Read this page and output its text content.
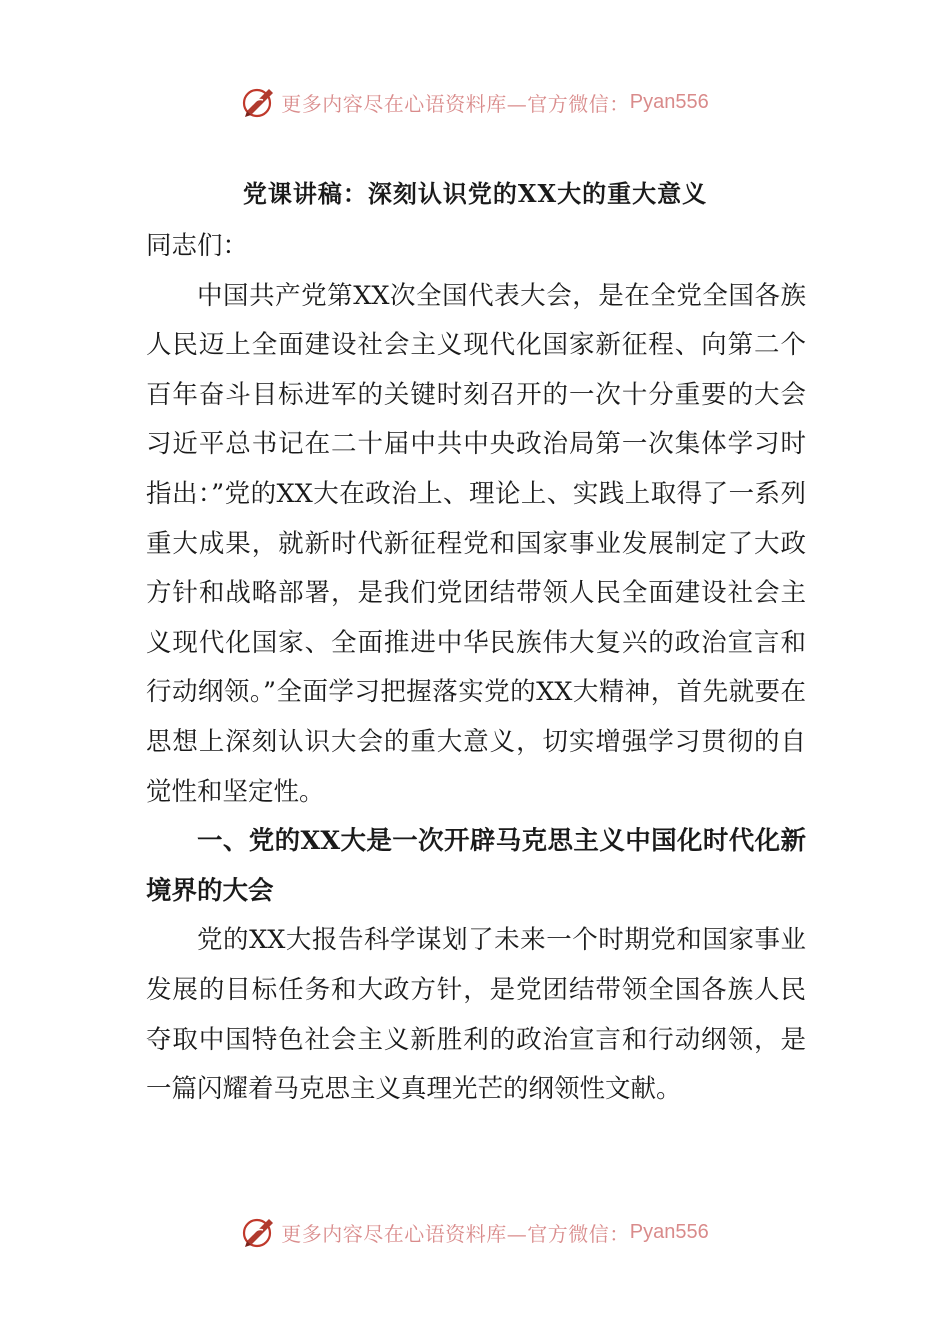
更多内容尽在心语资料库—官方微信： Pyan556
党课讲稿：深刻认识党的XX大的重大意义

同志们：

中国共产党第XX次全国代表大会，是在全党全国各族人民迈上全面建设社会主义现代化国家新征程、向第二个百年奋斗目标进军的关键时刻召开的一次十分重要的大会习近平总书记在二十届中共中央政治局第一次集体学习时指出：”党的XX大在政治上、理论上、实践上取得了一系列重大成果，就新时代新征程党和国家事业发展制定了大政方针和战略部署，是我们党团结带领人民全面建设社会主义现代化国家、全面推进中华民族伟大复兴的政治宣言和行动纲领。”全面学习把握落实党的XX大精神，首先就要在思想上深刻认识大会的重大意义，切实增强学习贯彻的自觉性和坚定性。

一、党的XX大是一次开辟马克思主义中国化时代化新境界的大会

党的XX大报告科学谋划了未来一个时期党和国家事业发展的目标任务和大政方针，是党团结带领全国各族人民夺取中国特色社会主义新胜利的政治宣言和行动纲领，是一篇闪耀着马克思主义真理光芒的纲领性文献。

更多内容尽在心语资料库—官方微信： Pyan556
